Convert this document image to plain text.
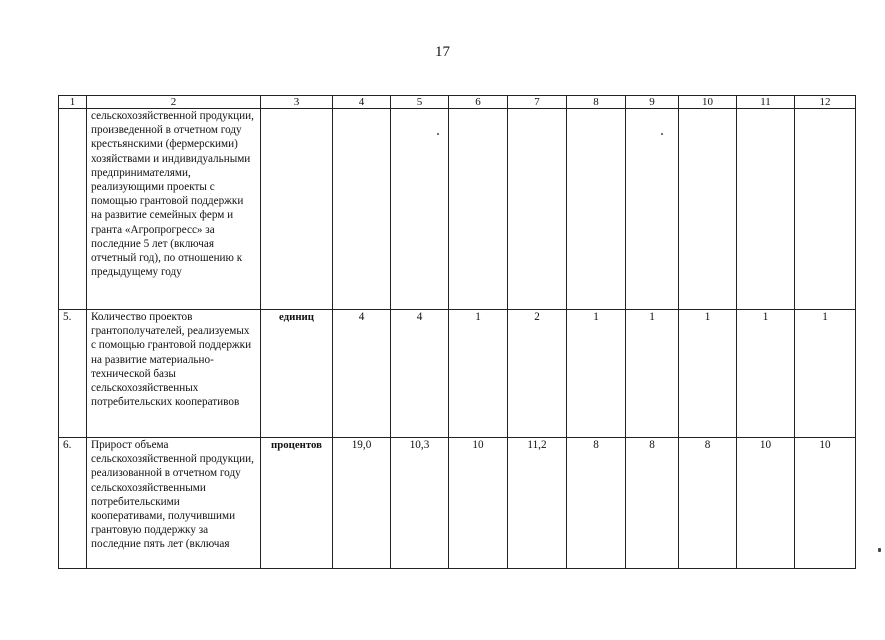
17
1	2	3	4	5	6	7	8	9	10	11	12
	сельскохозяйственной продукции, произведенной в отчетном году крестьянскими (фермерскими) хозяйствами и индивидуальными предпринимателями, реализующими проекты с помощью грантовой поддержки на развитие семейных ферм и гранта «Агропрогресс» за последние 5 лет (включая отчетный год), по отношению к предыдущему году										
5.	Количество проектов грантополучателей, реализуемых с помощью грантовой поддержки на развитие материально-технической базы сельскохозяйственных потребительских кооперативов	единиц	4	4	1	2	1	1	1	1	1
6.	Прирост объема сельскохозяйственной продукции, реализованной в отчетном году сельскохозяйственными потребительскими кооперативами, получившими грантовую поддержку за последние пять лет (включая	процентов	19,0	10,3	10	11,2	8	8	8	10	10
